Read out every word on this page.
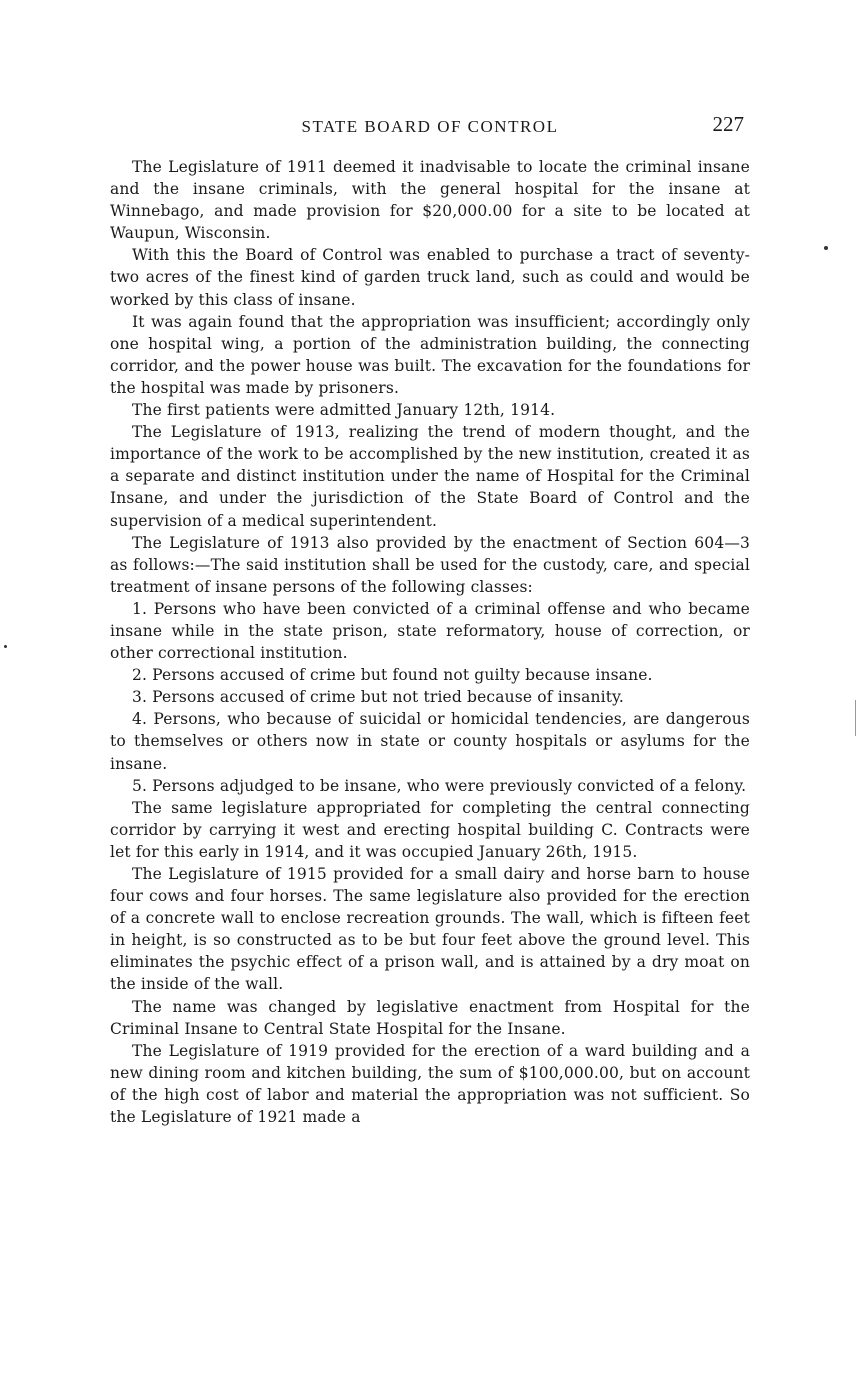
STATE BOARD OF CONTROL	227

The Legislature of 1911 deemed it inadvisable to locate the criminal insane and the insane criminals, with the general hospital for the insane at Winnebago, and made provision for $20,000.00 for a site to be located at Waupun, Wisconsin.

With this the Board of Control was enabled to purchase a tract of seventy-two acres of the finest kind of garden truck land, such as could and would be worked by this class of insane.

It was again found that the appropriation was insufficient; accordingly only one hospital wing, a portion of the administration building, the connecting corridor, and the power house was built. The excavation for the foundations for the hospital was made by prisoners.

The first patients were admitted January 12th, 1914.

The Legislature of 1913, realizing the trend of modern thought, and the importance of the work to be accomplished by the new institution, created it as a separate and distinct institution under the name of Hospital for the Criminal Insane, and under the jurisdiction of the State Board of Control and the supervision of a medical superintendent.

The Legislature of 1913 also provided by the enactment of Section 604—3 as follows:—The said institution shall be used for the custody, care, and special treatment of insane persons of the following classes:

1. Persons who have been convicted of a criminal offense and who became insane while in the state prison, state reformatory, house of correction, or other correctional institution.

2. Persons accused of crime but found not guilty because insane.

3. Persons accused of crime but not tried because of insanity.

4. Persons, who because of suicidal or homicidal tendencies, are dangerous to themselves or others now in state or county hospitals or asylums for the insane.

5. Persons adjudged to be insane, who were previously convicted of a felony.

The same legislature appropriated for completing the central connecting corridor by carrying it west and erecting hospital building C. Contracts were let for this early in 1914, and it was occupied January 26th, 1915.

The Legislature of 1915 provided for a small dairy and horse barn to house four cows and four horses. The same legislature also provided for the erection of a concrete wall to enclose recreation grounds. The wall, which is fifteen feet in height, is so constructed as to be but four feet above the ground level. This eliminates the psychic effect of a prison wall, and is attained by a dry moat on the inside of the wall.

The name was changed by legislative enactment from Hospital for the Criminal Insane to Central State Hospital for the Insane.

The Legislature of 1919 provided for the erection of a ward building and a new dining room and kitchen building, the sum of $100,000.00, but on account of the high cost of labor and material the appropriation was not sufficient. So the Legislature of 1921 made a
